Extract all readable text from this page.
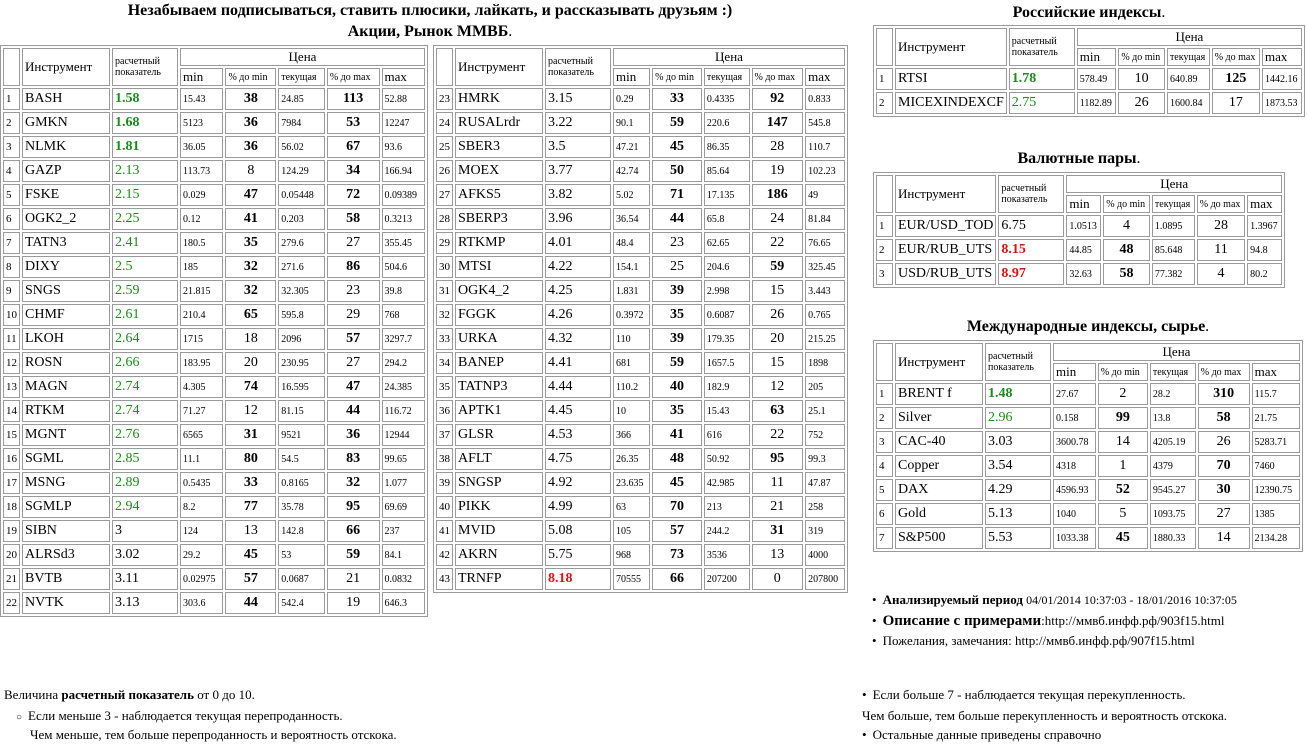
Незабываем подписываться, ставить плюсики, лайкать, и рассказывать друзьям :)
Акции, Рынок ММВБ.
	Инструмент	расчетный
показатель	Цена				
			min	% до min	текущая	% до max	max
1	BASH	1.58	15.43	38	24.85	113	52.88
2	GMKN	1.68	5123	36	7984	53	12247
3	NLMK	1.81	36.05	36	56.02	67	93.6
4	GAZP	2.13	113.73	8	124.29	34	166.94
5	FSKE	2.15	0.029	47	0.05448	72	0.09389
6	OGK2_2	2.25	0.12	41	0.203	58	0.3213
7	TATN3	2.41	180.5	35	279.6	27	355.45
8	DIXY	2.5	185	32	271.6	86	504.6
9	SNGS	2.59	21.815	32	32.305	23	39.8
10	CHMF	2.61	210.4	65	595.8	29	768
11	LKOH	2.64	1715	18	2096	57	3297.7
12	ROSN	2.66	183.95	20	230.95	27	294.2
13	MAGN	2.74	4.305	74	16.595	47	24.385
14	RTKM	2.74	71.27	12	81.15	44	116.72
15	MGNT	2.76	6565	31	9521	36	12944
16	SGML	2.85	11.1	80	54.5	83	99.65
17	MSNG	2.89	0.5435	33	0.8165	32	1.077
18	SGMLP	2.94	8.2	77	35.78	95	69.69
19	SIBN	3	124	13	142.8	66	237
20	ALRSd3	3.02	29.2	45	53	59	84.1
21	BVTB	3.11	0.02975	57	0.0687	21	0.0832
22	NVTK	3.13	303.6	44	542.4	19	646.3
	Инструмент	расчетный
показатель	Цена				
			min	% до min	текущая	% до max	max
23	HMRK	3.15	0.29	33	0.4335	92	0.833
24	RUSALrdr	3.22	90.1	59	220.6	147	545.8
25	SBER3	3.5	47.21	45	86.35	28	110.7
26	MOEX	3.77	42.74	50	85.64	19	102.23
27	AFKS5	3.82	5.02	71	17.135	186	49
28	SBERP3	3.96	36.54	44	65.8	24	81.84
29	RTKMP	4.01	48.4	23	62.65	22	76.65
30	MTSI	4.22	154.1	25	204.6	59	325.45
31	OGK4_2	4.25	1.831	39	2.998	15	3.443
32	FGGK	4.26	0.3972	35	0.6087	26	0.765
33	URKA	4.32	110	39	179.35	20	215.25
34	BANEP	4.41	681	59	1657.5	15	1898
35	TATNP3	4.44	110.2	40	182.9	12	205
36	APTK1	4.45	10	35	15.43	63	25.1
37	GLSR	4.53	366	41	616	22	752
38	AFLT	4.75	26.35	48	50.92	95	99.3
39	SNGSP	4.92	23.635	45	42.985	11	47.87
40	PIKK	4.99	63	70	213	21	258
41	MVID	5.08	105	57	244.2	31	319
42	AKRN	5.75	968	73	3536	13	4000
43	TRNFP	8.18	70555	66	207200	0	207800
Российские индексы.
	Инструмент	расчетный
показатель	Цена				
			min	% до min	текущая	% до max	max
1	RTSI	1.78	578.49	10	640.89	125	1442.16
2	MICEXINDEXCF	2.75	1182.89	26	1600.84	17	1873.53
Валютные пары.
	Инструмент	расчетный
показатель	Цена				
			min	% до min	текущая	% до max	max
1	EUR/USD_TOD	6.75	1.0513	4	1.0895	28	1.3967
2	EUR/RUB_UTS	8.15	44.85	48	85.648	11	94.8
3	USD/RUB_UTS	8.97	32.63	58	77.382	4	80.2
Международные индексы, сырье.
	Инструмент	расчетный
показатель	Цена				
			min	% до min	текущая	% до max	max
1	BRENT f	1.48	27.67	2	28.2	310	115.7
2	Silver	2.96	0.158	99	13.8	58	21.75
3	CAC-40	3.03	3600.78	14	4205.19	26	5283.71
4	Copper	3.54	4318	1	4379	70	7460
5	DAX	4.29	4596.93	52	9545.27	30	12390.75
6	Gold	5.13	1040	5	1093.75	27	1385
7	S&P500	5.53	1033.38	45	1880.33	14	2134.28
• Анализируемый период 04/01/2014 10:37:03 - 18/01/2016 10:37:05
• Описание с примерами:http://ммвб.инфф.рф/903f15.html
• Пожелания, замечания: http://ммвб.инфф.рф/907f15.html
Величина расчетный показатель от 0 до 10.
○ Если меньше 3 - наблюдается текущая перепроданность.
Чем меньше, тем больше перепроданность и вероятность отскока.
• Если больше 7 - наблюдается текущая перекупленность.
Чем больше, тем больше перекупленность и вероятность отскока.
• Остальные данные приведены справочно
